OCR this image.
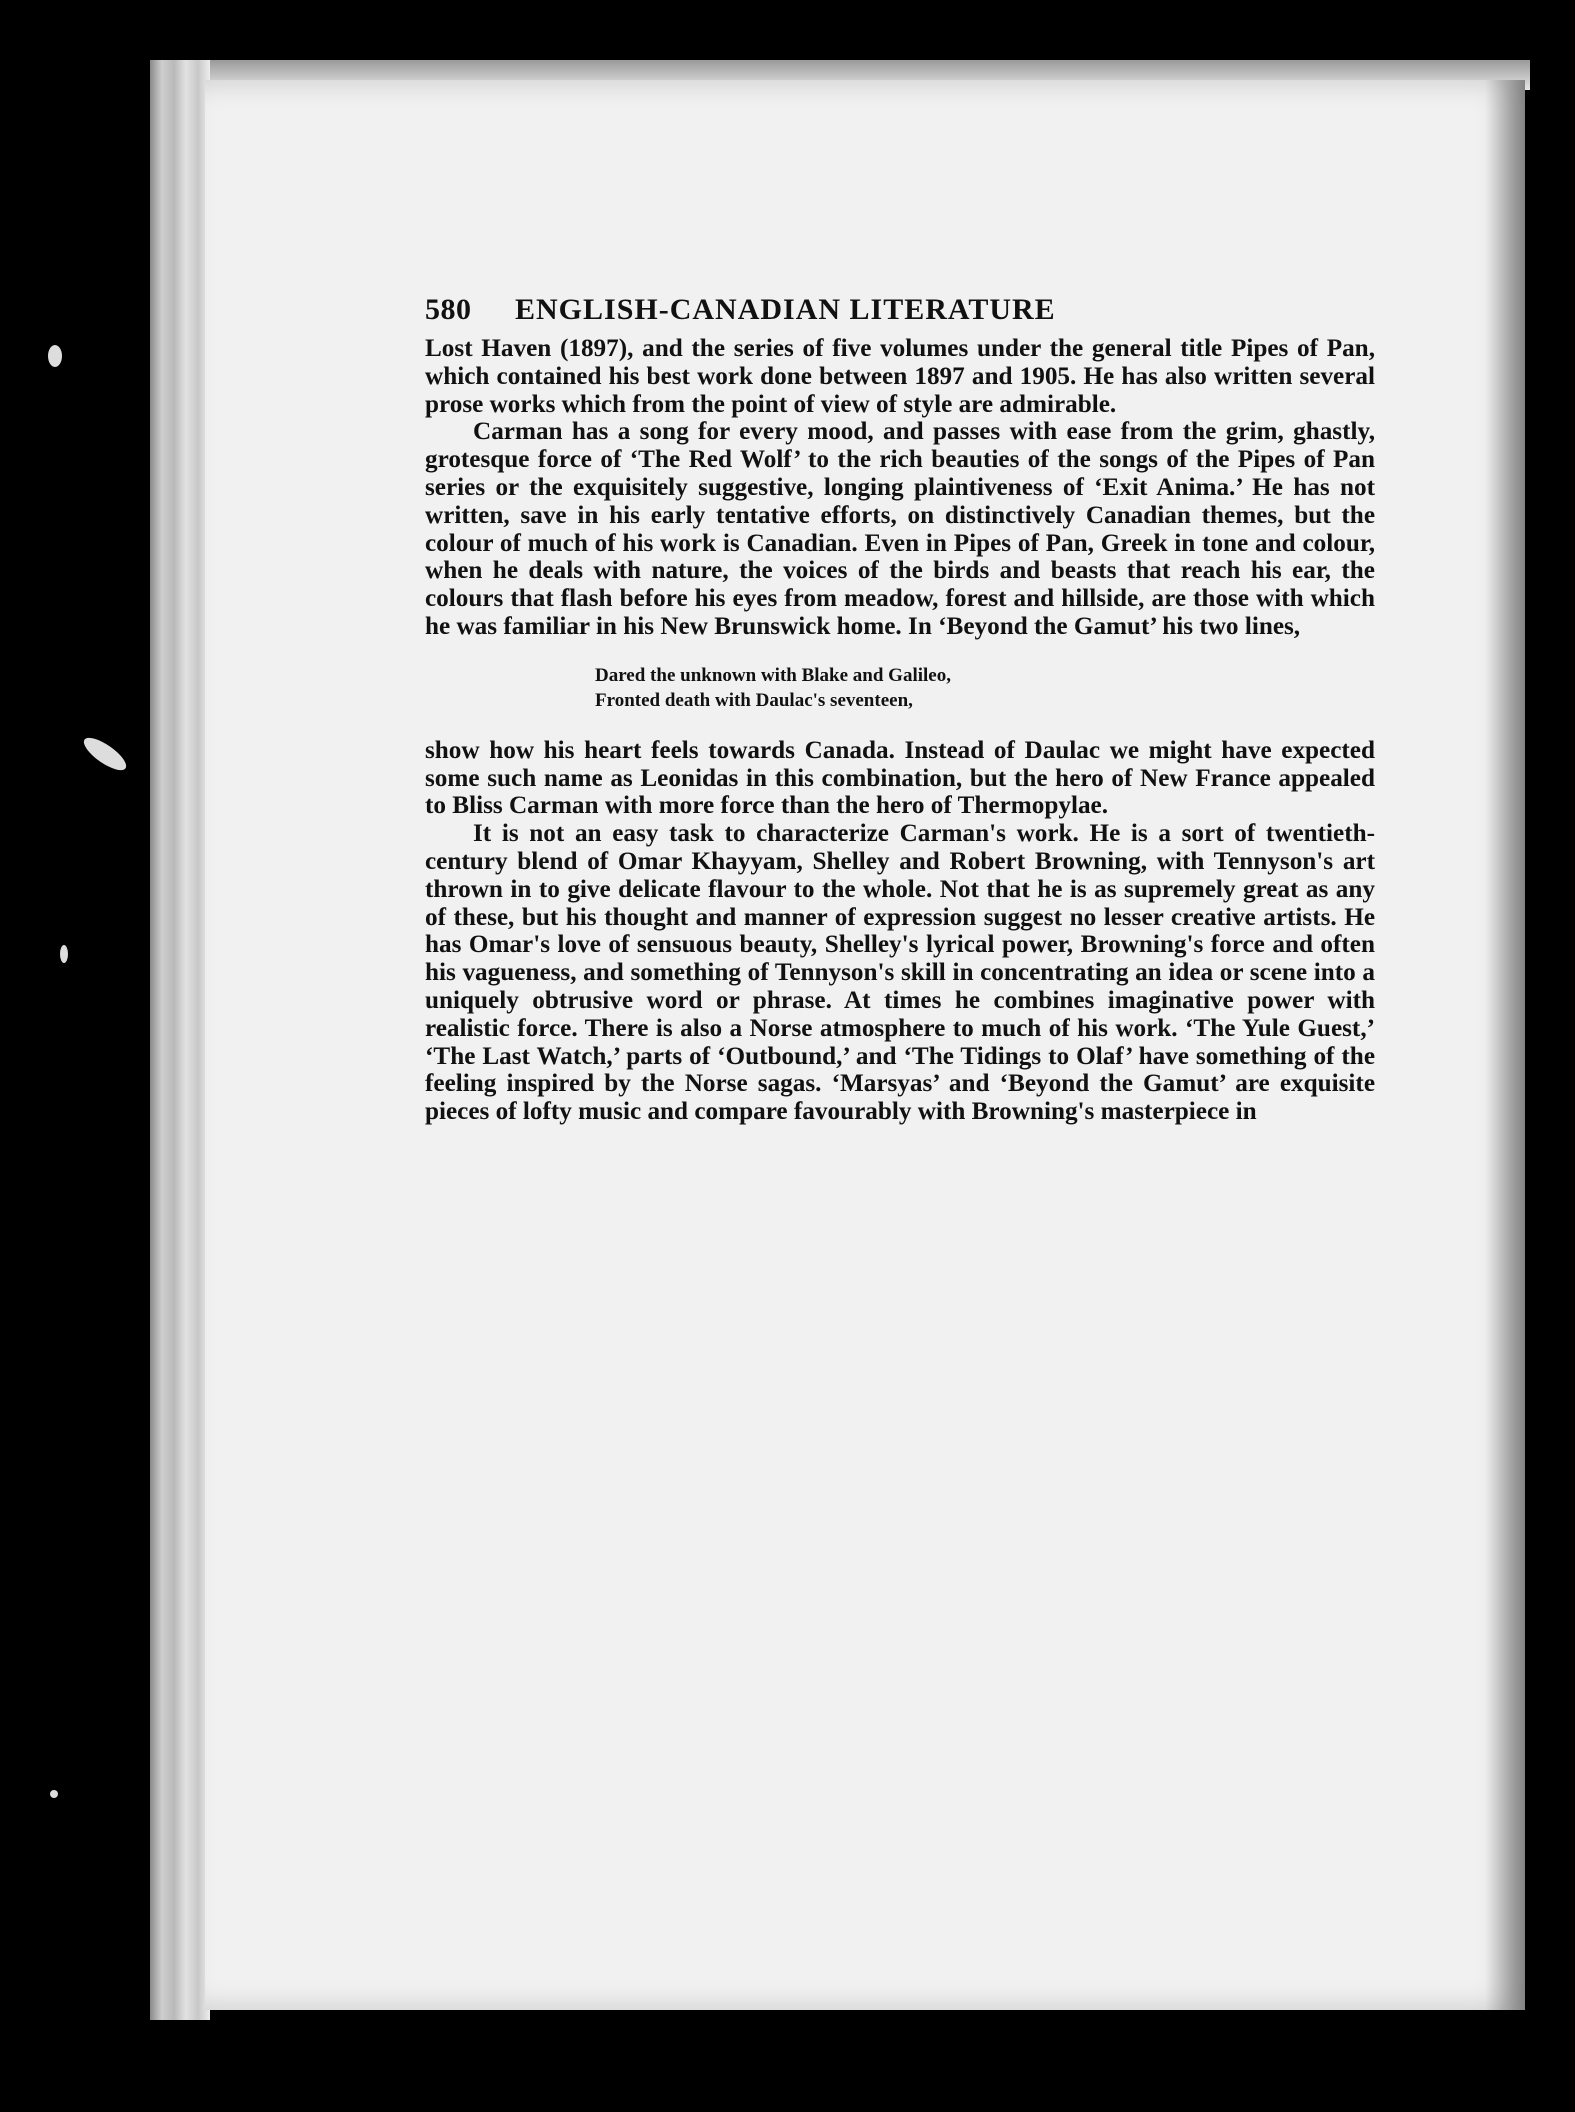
580	ENGLISH-CANADIAN LITERATURE

Lost Haven (1897), and the series of five volumes under the general title Pipes of Pan, which contained his best work done between 1897 and 1905. He has also written several prose works which from the point of view of style are admirable.

Carman has a song for every mood, and passes with ease from the grim, ghastly, grotesque force of ‘The Red Wolf’ to the rich beauties of the songs of the Pipes of Pan series or the exquisitely suggestive, longing plaintiveness of ‘Exit Anima.’ He has not written, save in his early tentative efforts, on distinctively Canadian themes, but the colour of much of his work is Canadian. Even in Pipes of Pan, Greek in tone and colour, when he deals with nature, the voices of the birds and beasts that reach his ear, the colours that flash before his eyes from meadow, forest and hillside, are those with which he was familiar in his New Brunswick home. In ‘Beyond the Gamut’ his two lines,

Dared the unknown with Blake and Galileo,
Fronted death with Daulac's seventeen,

show how his heart feels towards Canada. Instead of Daulac we might have expected some such name as Leonidas in this combination, but the hero of New France appealed to Bliss Carman with more force than the hero of Thermopylae.

It is not an easy task to characterize Carman's work. He is a sort of twentieth-century blend of Omar Khayyam, Shelley and Robert Browning, with Tennyson's art thrown in to give delicate flavour to the whole. Not that he is as supremely great as any of these, but his thought and manner of expression suggest no lesser creative artists. He has Omar's love of sensuous beauty, Shelley's lyrical power, Browning's force and often his vagueness, and something of Tennyson's skill in concentrating an idea or scene into a uniquely obtrusive word or phrase. At times he combines imaginative power with realistic force. There is also a Norse atmosphere to much of his work. ‘The Yule Guest,’ ‘The Last Watch,’ parts of ‘Outbound,’ and ‘The Tidings to Olaf’ have something of the feeling inspired by the Norse sagas. ‘Marsyas’ and ‘Beyond the Gamut’ are exquisite pieces of lofty music and compare favourably with Browning's masterpiece in
